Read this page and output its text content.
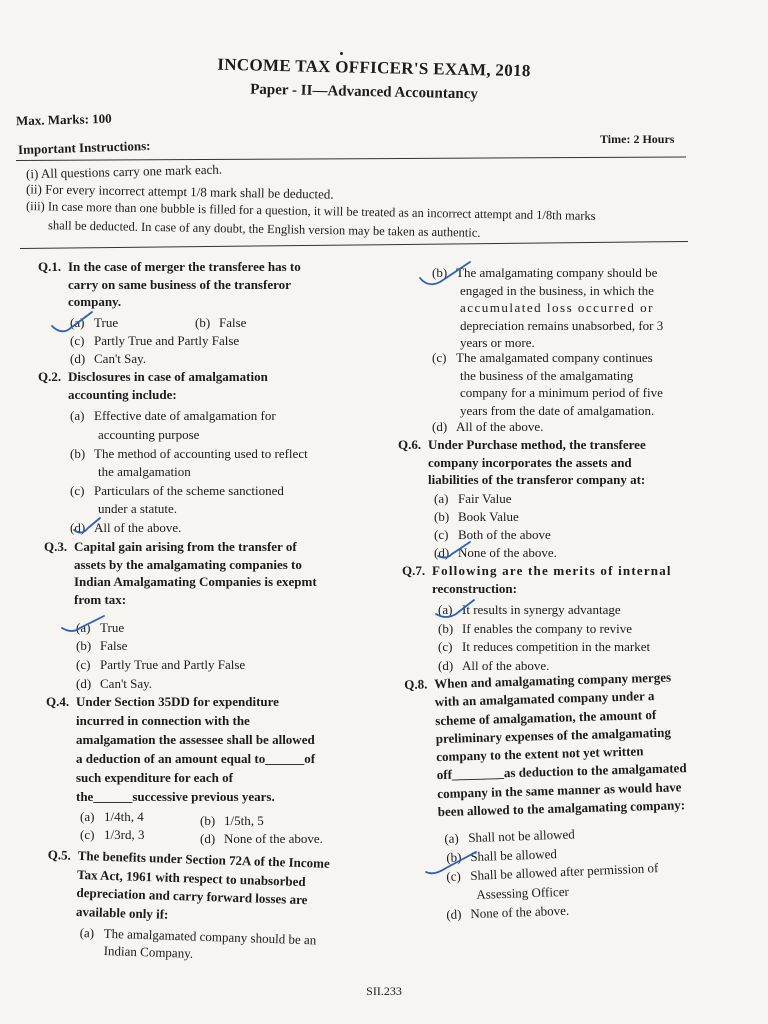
INCOME TAX OFFICER'S EXAM, 2018
Paper - II—Advanced Accountancy
Max. Marks: 100
Time: 2 Hours
Important Instructions:
(i) All questions carry one mark each.
(ii) For every incorrect attempt 1/8 mark shall be deducted.
(iii) In case more than one bubble is filled for a question, it will be treated as an incorrect attempt and 1/8th marks
shall be deducted. In case of any doubt, the English version may be taken as authentic.
Q.1. In the case of merger the transferee has to
carry on same business of the transferor
company.
(a) True	(b) False
(c) Partly True and Partly False
(d) Can't Say.
Q.2. Disclosures in case of amalgamation
accounting include:
(a) Effective date of amalgamation for
accounting purpose
(b) The method of accounting used to reflect
the amalgamation
(c) Particulars of the scheme sanctioned
under a statute.
(d) All of the above.
Q.3. Capital gain arising from the transfer of
assets by the amalgamating companies to
Indian Amalgamating Companies is exepmt
from tax:
(a) True
(b) False
(c) Partly True and Partly False
(d) Can't Say.
Q.4. Under Section 35DD for expenditure
incurred in connection with the
amalgamation the assessee shall be allowed
a deduction of an amount equal to______of
such expenditure for each of
the______successive previous years.
(a) 1/4th, 4	(b) 1/5th, 5
(c) 1/3rd, 3	(d) None of the above.
Q.5. The benefits under Section 72A of the Income
Tax Act, 1961 with respect to unabsorbed
depreciation and carry forward losses are
available only if:
(a) The amalgamated company should be an
Indian Company.
(b) The amalgamating company should be
engaged in the business, in which the
accumulated loss occurred or
depreciation remains unabsorbed, for 3
years or more.
(c) The amalgamated company continues
the business of the amalgamating
company for a minimum period of five
years from the date of amalgamation.
(d) All of the above.
Q.6. Under Purchase method, the transferee
company incorporates the assets and
liabilities of the transferor company at:
(a) Fair Value
(b) Book Value
(c) Both of the above
(d) None of the above.
Q.7. Following are the merits of internal
reconstruction:
(a) It results in synergy advantage
(b) If enables the company to revive
(c) It reduces competition in the market
(d) All of the above.
Q.8. When and amalgamating company merges
with an amalgamated company under a
scheme of amalgamation, the amount of
preliminary expenses of the amalgamating
company to the extent not yet written
off________as deduction to the amalgamated
company in the same manner as would have
been allowed to the amalgamating company:
(a) Shall not be allowed
(b) Shall be allowed
(c) Shall be allowed after permission of
Assessing Officer
(d) None of the above.
SII.233
